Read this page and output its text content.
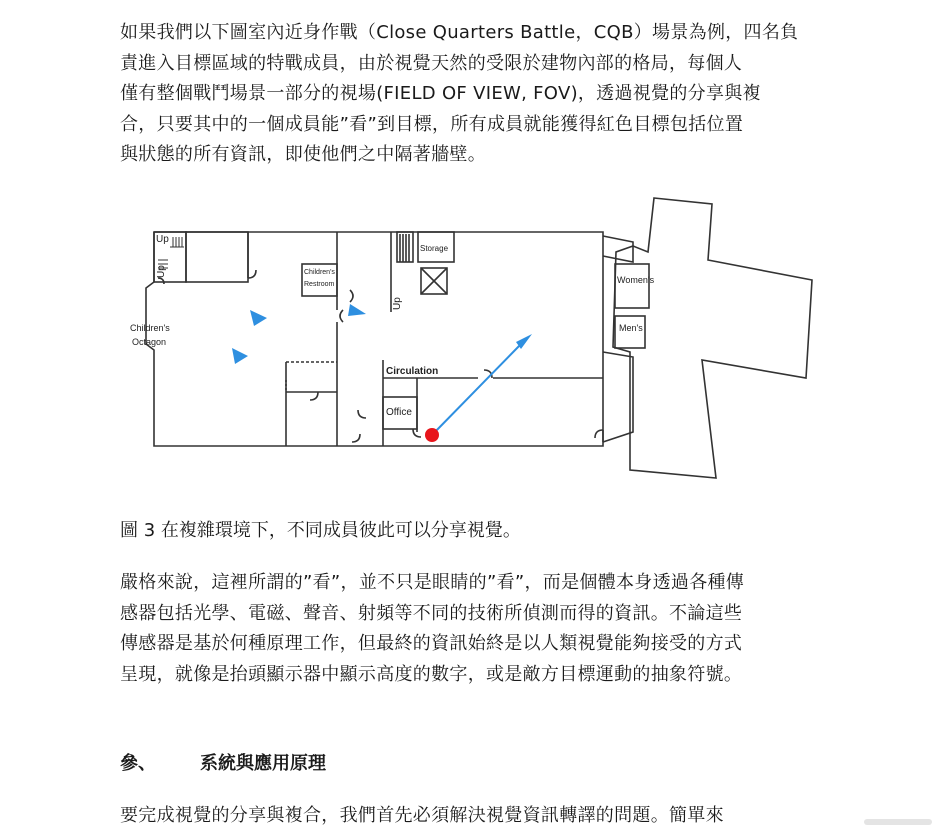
如果我們以下圖室內近身作戰（Close Quarters Battle，CQB）場景為例，四名負
責進入目標區域的特戰成員，由於視覺天然的受限於建物內部的格局，每個人
僅有整個戰鬥場景一部分的視場(FIELD OF VIEW, FOV)，透過視覺的分享與複
合，只要其中的一個成員能”看”到目標，所有成員就能獲得紅色目標包括位置
與狀態的所有資訊，即使他們之中隔著牆壁。
Up
Up
Up
Children's
Octagon
Children's
Restroom
Storage
Circulation
Office
Women's
Men's
圖 3 在複雜環境下，不同成員彼此可以分享視覺。
嚴格來說，這裡所謂的”看”，並不只是眼睛的”看”，而是個體本身透過各種傳
感器包括光學、電磁、聲音、射頻等不同的技術所偵測而得的資訊。不論這些
傳感器是基於何種原理工作，但最終的資訊始終是以人類視覺能夠接受的方式
呈現，就像是抬頭顯示器中顯示高度的數字，或是敵方目標運動的抽象符號。
參、 系統與應用原理
要完成視覺的分享與複合，我們首先必須解決視覺資訊轉譯的問題。簡單來
